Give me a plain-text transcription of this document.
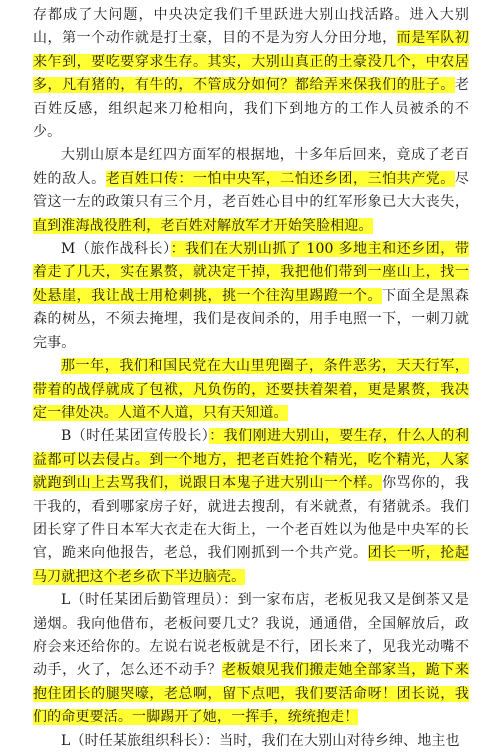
存都成了大问题，中央决定我们千里跃进大别山找活路。进入大别山，第一个动作就是打土豪，目的不是为穷人分田分地，而是军队初来乍到，要吃要穿求生存。其实，大别山真正的土豪没几个，中农居多，凡有猪的，有牛的，不管成分如何？都给弄来保我们的肚子。老百姓反感，组织起来刀枪相向，我们下到地方的工作人员被杀的不少。

大别山原本是红四方面军的根据地，十多年后回来，竟成了老百姓的敌人。老百姓口传：一怕中央军，二怕还乡团，三怕共产党。尽管这一左的政策只有三个月，老百姓心目中的红军形象已大大丧失，直到淮海战役胜利，老百姓对解放军才开始笑脸相迎。

M（旅作战科长）：我们在大别山抓了 100 多地主和还乡团，带着走了几天，实在累赘，就决定干掉，我把他们带到一座山上，找一处悬崖，我让战士用枪刺挑，挑一个往沟里踢蹬一个。下面全是黑森森的树丛，不须去掩埋，我们是夜间杀的，用手电照一下，一刺刀就完事。

那一年，我们和国民党在大山里兜圈子，条件恶劣，天天行军，带着的战俘就成了包袱，凡负伤的，还要扶着架着，更是累赘，我决定一律处决。人道不人道，只有天知道。

B（时任某团宣传股长）：我们刚进大别山，要生存，什么人的利益都可以去侵占。到一个地方，把老百姓抢个精光，吃个精光，人家就跑到山上去骂我们，说跟日本鬼子进大别山一个样。你骂你的，我干我的，看到哪家房子好，就进去搜刮，有米就煮，有猪就杀。我们团长穿了件日本军大衣走在大街上，一个老百姓以为他是中央军的长官，跪来向他报告，老总，我们刚抓到一个共产党。团长一听，抡起马刀就把这个老乡砍下半边脑壳。

L（时任某团后勤管理员）：到一家布店，老板见我又是倒茶又是递烟。我向他借布，老板问要几丈？我说，通通借，全国解放后，政府会来还给你的。左说右说老板就是不行，团长来了，见我光动嘴不动手，火了，怎么还不动手？老板娘见我们搬走她全部家当，跪下来抱住团长的腿哭嚎，老总啊，留下点吧，我们要活命呀！团长说，我们的命更要活。一脚踢开了她，一挥手，统统抱走！

L（时任某旅组织科长）：当时，我们在大别山对待乡绅、地主也
